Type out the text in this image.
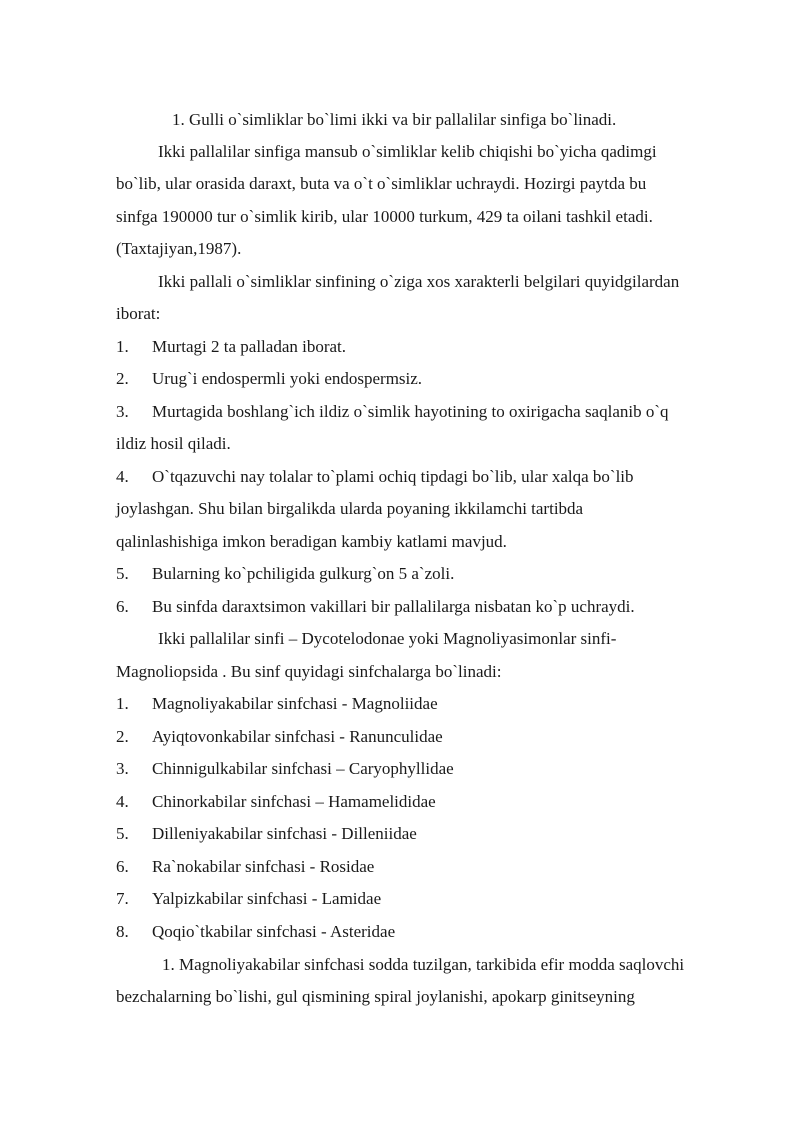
1. Gulli o`simliklar bo`limi ikki va bir pallalilar sinfiga bo`linadi.
Ikki pallalilar sinfiga mansub o`simliklar kelib chiqishi bo`yicha qadimgi
bo`lib, ular orasida daraxt, buta va o`t o`simliklar uchraydi. Hozirgi paytda bu
sinfga 190000 tur o`simlik kirib, ular 10000 turkum, 429 ta oilani tashkil etadi.
(Taxtajiyan,1987).
Ikki pallali o`simliklar sinfining o`ziga xos xarakterli belgilari quyidgilardan
iborat:
1. Murtagi 2 ta palladan iborat.
2. Urug`i endospermli yoki endospermsiz.
3. Murtagida boshlang`ich ildiz o`simlik hayotining to oxirigacha saqlanib o`q
ildiz hosil qiladi.
4. O`tqazuvchi nay tolalar to`plami ochiq tipdagi bo`lib, ular xalqa bo`lib
joylashgan. Shu bilan birgalikda ularda poyaning ikkilamchi tartibda
qalinlashishiga imkon beradigan kambiy katlami mavjud.
5. Bularning ko`pchiligida gulkurg`on 5 a`zoli.
6. Bu sinfda daraxtsimon vakillari bir pallalilarga nisbatan ko`p uchraydi.
Ikki pallalilar sinfi – Dycotelodonae yoki Magnoliyasimonlar sinfi-
Magnoliopsida . Bu sinf quyidagi sinfchalarga bo`linadi:
1. Magnoliyakabilar sinfchasi - Magnoliidae
2. Ayiqtovonkabilar sinfchasi - Ranunculidae
3. Chinnigulkabilar sinfchasi – Caryophyllidae
4. Chinorkabilar sinfchasi – Hamamelididae
5. Dilleniyakabilar sinfchasi - Dilleniidae
6. Ra`nokabilar sinfchasi - Rosidae
7. Yalpizkabilar sinfchasi - Lamidae
8. Qoqio`tkabilar sinfchasi - Asteridae
1. Magnoliyakabilar sinfchasi sodda tuzilgan, tarkibida efir modda saqlovchi
bezchalarning bo`lishi, gul qismining spiral joylanishi, apokarp ginitseyning
